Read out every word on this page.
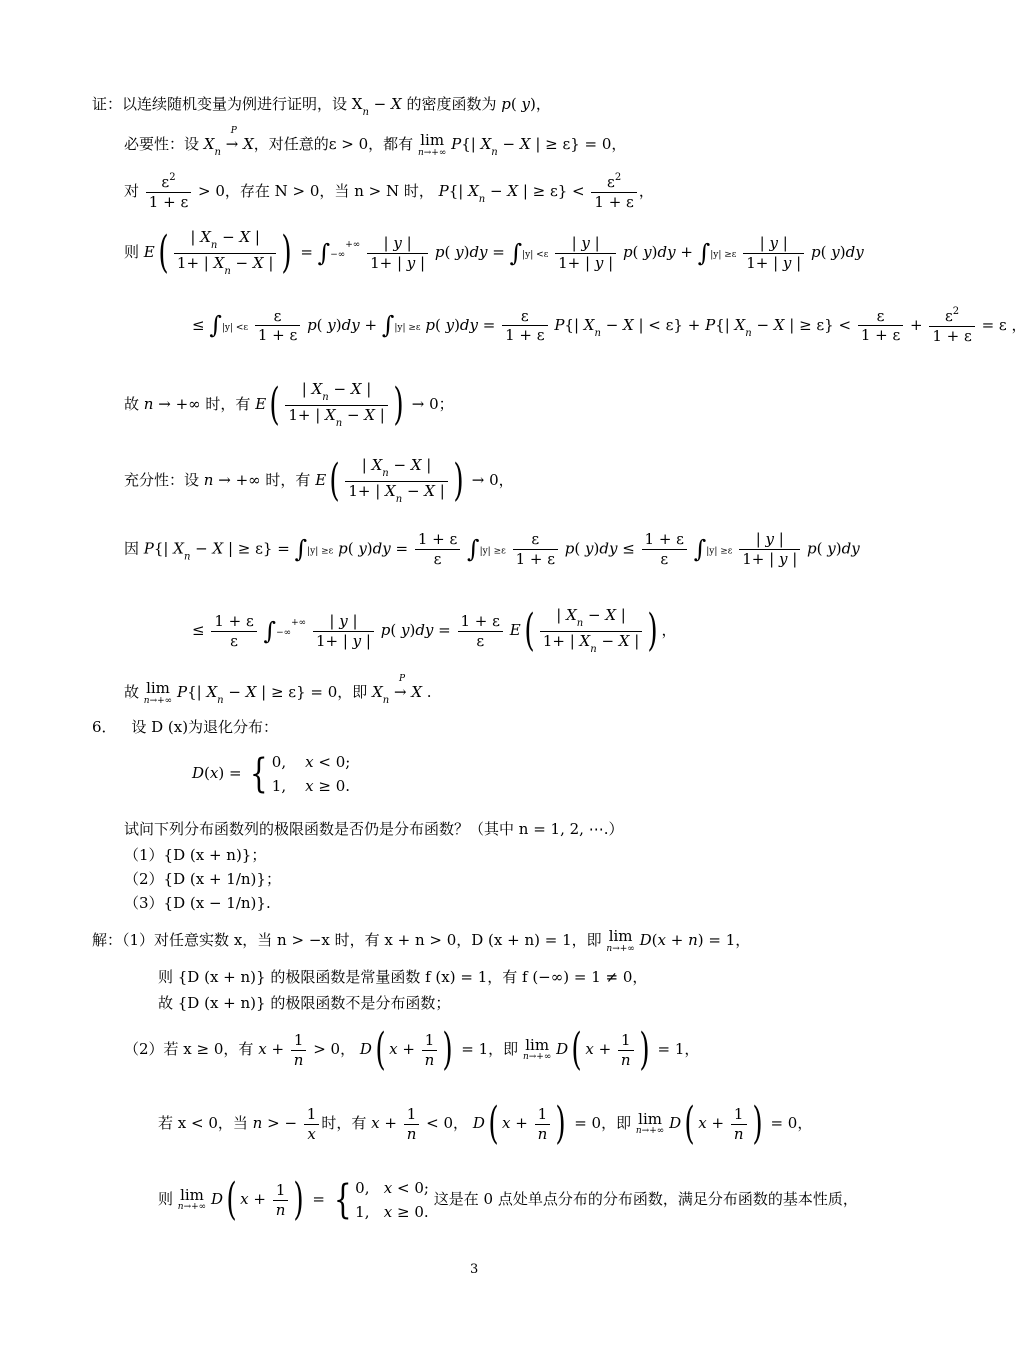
证：以连续随机变量为例进行证明，设 $X_n - X$ 的密度函数为 p( y)，
必要性：设 $X_n$ →
P
X，对任意的ε > 0，都有 lim
n→+∞ P{| $X_n - X$ | ≥ ε} = 0，
对 $\frac{\varepsilon^2}{1 + \varepsilon} > 0$，存在 N > 0，当 n > N 时， P{| $X_n - X$ | ≥ $\varepsilon\} < \frac{\varepsilon^2}{1 + \varepsilon}$ ，
则 $E( \frac{| X_n - X |}{1+ | X_n - X |}$ ) = $\int-\infty^{+\infty} \frac{| y |}{1+ | y |} p$( $y)dy = \int|y| <\varepsilon \frac{| y |}{1+ | y |} p$( $y)dy + \int|y| \ge\varepsilon \frac{| y |}{1+ | y |} p$( y)dy
≤ $\int|y| <\varepsilon \frac{\varepsilon}{1 + \varepsilon} p$( y)dy + ∫|y| ≥ε p( $y)dy = \frac{\varepsilon}{1 + \varepsilon} P\{|$ $X_n - X$ | < ε} + P{| $X_n - X$ | ≥ $\varepsilon\} < \frac{\varepsilon}{1 + \varepsilon} + \frac{\varepsilon^2}{1 + \varepsilon} = \varepsilon$ ，
故 n → +∞ 时，有 $E( \frac{| X_n - X |}{1+ | X_n - X |}$ ) → 0；
充分性：设 n → +∞ 时，有 $E( \frac{| X_n - X |}{1+ | X_n - X |}$ ) → 0，
因 P{| $X_n - X$ | ≥ ε} = ∫|y| ≥ε p( $y)dy = \frac{1 + \varepsilon}{\varepsilon} \int|y| \ge\varepsilon \frac{\varepsilon}{1 + \varepsilon} p$( $y)dy \le \frac{1 + \varepsilon}{\varepsilon} \int|y| \ge\varepsilon \frac{| y |}{1+ | y |} p$( y)dy
≤ $\frac{1 + \varepsilon}{\varepsilon} \int-\infty^{+\infty} \frac{| y |}{1+ | y |} p$( $y)dy = \frac{1 + \varepsilon}{\varepsilon} E( \frac{| X_n - X |}{1+ | X_n - X |}$ ) ，
故 lim
n→+∞ P{| $X_n - X$ | ≥ ε} = 0，即 $X_n$ →
P
X .
6． 设 D (x)为退化分布：
D(x) = { 0,    x < 0;
1,    x ≥ 0.
试问下列分布函数列的极限函数是否仍是分布函数？（其中 n = 1, 2, ⋯.）
（1）{D (x + n)}；
（2）{D (x + 1/n)}；
（3）{D (x − 1/n)}.
解：（1）对任意实数 x，当 n > −x 时，有 x + n > 0，D (x + n) = 1，即 lim
n→+∞ D(x + n) = 1，
则 {D (x + n)} 的极限函数是常量函数 f (x) = 1，有 f (−∞) = 1 ≠ 0，
故 {D (x + n)} 的极限函数不是分布函数；
（2）若 x ≥ 0，有 $x + \frac{1}{n} > 0$， D( $x + \frac{1}{n}$ ) = 1，即 lim
n→+∞ D( $x + \frac{1}{n}$ ) = 1，
若 x < 0，当 n > − $\frac{1}{x}$ 时，有 $x + \frac{1}{n} < 0$， D( $x + \frac{1}{n}$ ) = 0，即 lim
n→+∞ D( $x + \frac{1}{n}$ ) = 0，
则 lim
n→+∞ D( $x + \frac{1}{n}$ ) = { 0,   x < 0;
1,   x ≥ 0.
这是在 0 点处单点分布的分布函数，满足分布函数的基本性质，
3
